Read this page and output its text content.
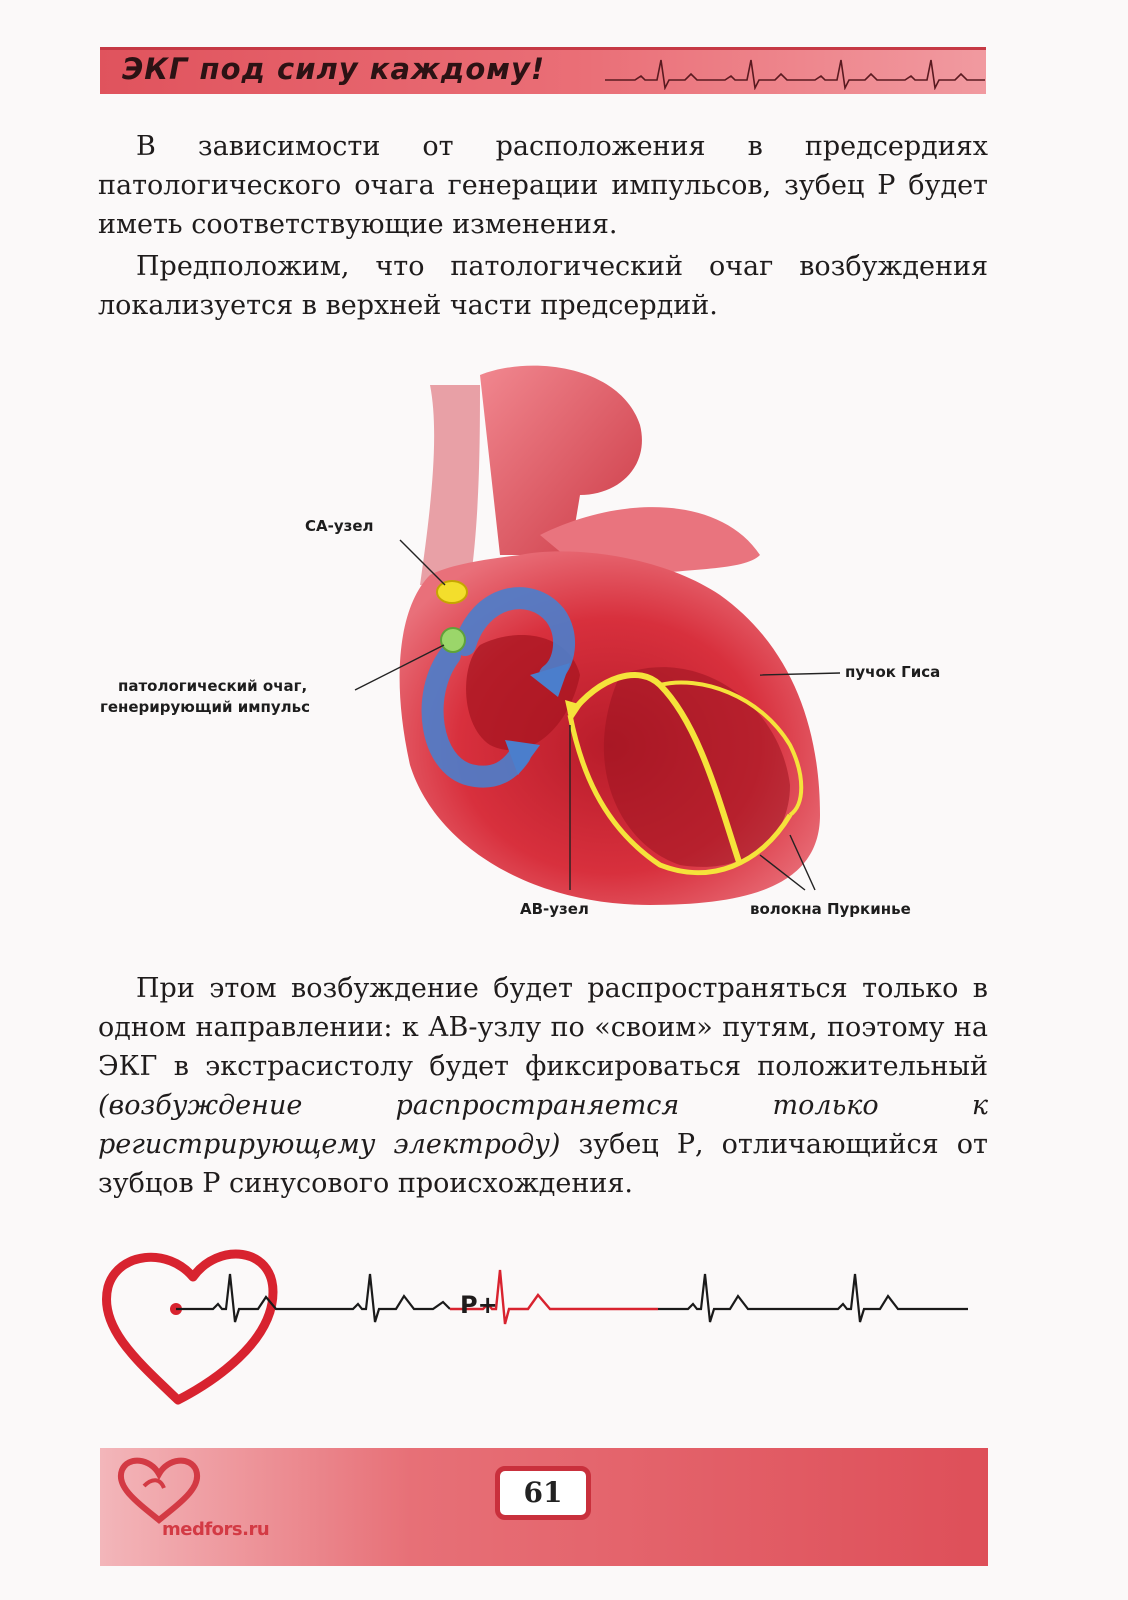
ЭКГ под силу каждому!

В зависимости от расположения в предсердиях патологического очага генерации импульсов, зубец Р будет иметь соответствующие изменения.

Предположим, что патологический очаг возбуждения локализуется в верхней части предсердий.

СА-узел
патологический очаг,
генерирующий импульс
пучок Гиса
АВ-узел	волокна Пуркинье

При этом возбуждение будет распространяться только в одном направлении: к АВ-узлу по «своим» путям, поэтому на ЭКГ в экстрасистолу будет фиксироваться положительный (возбуждение распространяется только к регистрирующему электроду) зубец Р, отличающийся от зубцов Р синусового происхождения.

Р+
medfors.ru
61
